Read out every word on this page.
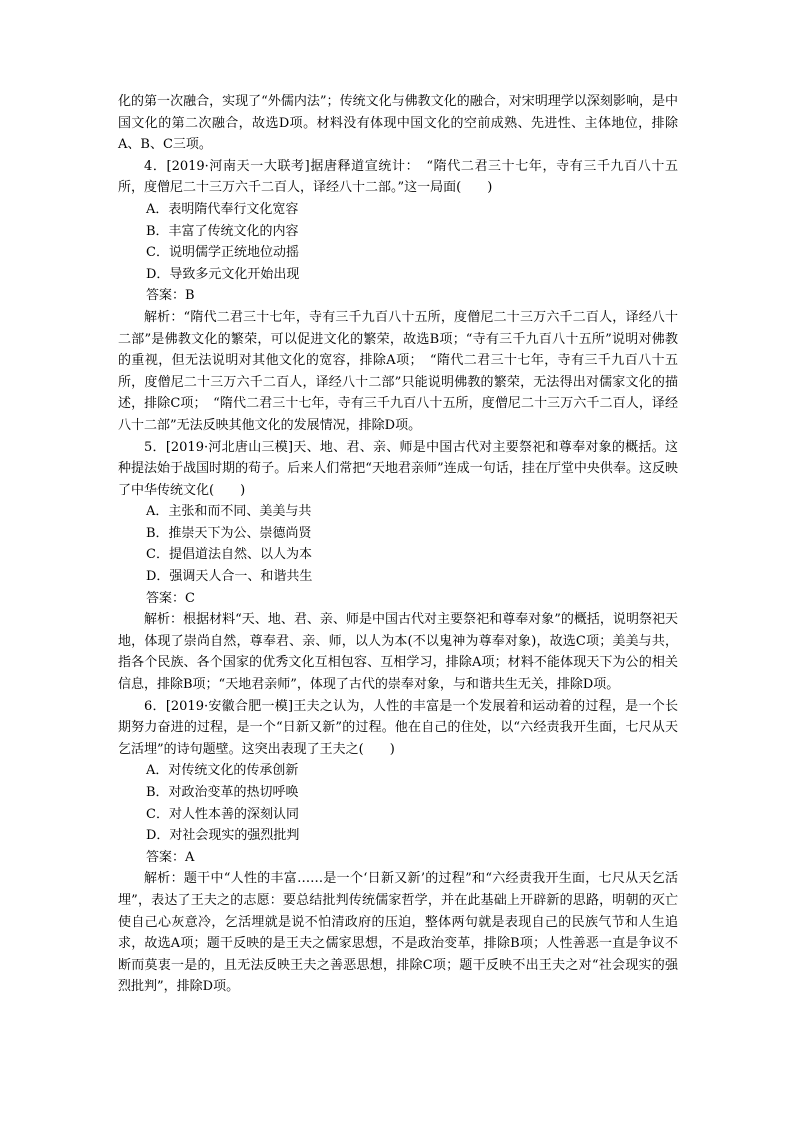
化的第一次融合，实现了“外儒内法”；传统文化与佛教文化的融合，对宋明理学以深刻影响，是中国文化的第二次融合，故选D项。材料没有体现中国文化的空前成熟、先进性、主体地位，排除A、B、C三项。

4．[2019·河南天一大联考]据唐释道宣统计：　“隋代二君三十七年，寺有三千九百八十五所，度僧尼二十三万六千二百人，译经八十二部。”这一局面(　　)

A．表明隋代奉行文化宽容

B．丰富了传统文化的内容

C．说明儒学正统地位动摇

D．导致多元文化开始出现

答案：B

解析：“隋代二君三十七年，寺有三千九百八十五所，度僧尼二十三万六千二百人，译经八十二部”是佛教文化的繁荣，可以促进文化的繁荣，故选B项；“寺有三千九百八十五所”说明对佛教的重视，但无法说明对其他文化的宽容，排除A项；　“隋代二君三十七年，寺有三千九百八十五所，度僧尼二十三万六千二百人，译经八十二部”只能说明佛教的繁荣，无法得出对儒家文化的描述，排除C项；　“隋代二君三十七年，寺有三千九百八十五所，度僧尼二十三万六千二百人，译经八十二部”无法反映其他文化的发展情况，排除D项。

5．[2019·河北唐山三模]天、地、君、亲、师是中国古代对主要祭祀和尊奉对象的概括。这种提法始于战国时期的荀子。后来人们常把“天地君亲师”连成一句话，挂在厅堂中央供奉。这反映了中华传统文化(　　)

A．主张和而不同、美美与共

B．推崇天下为公、崇德尚贤

C．提倡道法自然、以人为本

D．强调天人合一、和谐共生

答案：C

解析：根据材料“天、地、君、亲、师是中国古代对主要祭祀和尊奉对象”的概括，说明祭祀天地，体现了崇尚自然，尊奉君、亲、师，以人为本(不以鬼神为尊奉对象)，故选C项；美美与共，指各个民族、各个国家的优秀文化互相包容、互相学习，排除A项；材料不能体现天下为公的相关信息，排除B项；“天地君亲师”，体现了古代的崇奉对象，与和谐共生无关，排除D项。

6．[2019·安徽合肥一模]王夫之认为，人性的丰富是一个发展着和运动着的过程，是一个长期努力奋进的过程，是一个“日新又新”的过程。他在自己的住处，以“六经责我开生面，七尺从天乞活埋”的诗句题壁。这突出表现了王夫之(　　)

A．对传统文化的传承创新

B．对政治变革的热切呼唤

C．对人性本善的深刻认同

D．对社会现实的强烈批判

答案：A

解析：题干中“人性的丰富……是一个‘日新又新’的过程”和“六经责我开生面，七尺从天乞活埋”，表达了王夫之的志愿：要总结批判传统儒家哲学，并在此基础上开辟新的思路，明朝的灭亡使自己心灰意冷，乞活埋就是说不怕清政府的压迫，整体两句就是表现自己的民族气节和人生追求，故选A项；题干反映的是王夫之儒家思想，不是政治变革，排除B项；人性善恶一直是争议不断而莫衷一是的，且无法反映王夫之善恶思想，排除C项；题干反映不出王夫之对“社会现实的强烈批判”，排除D项。
